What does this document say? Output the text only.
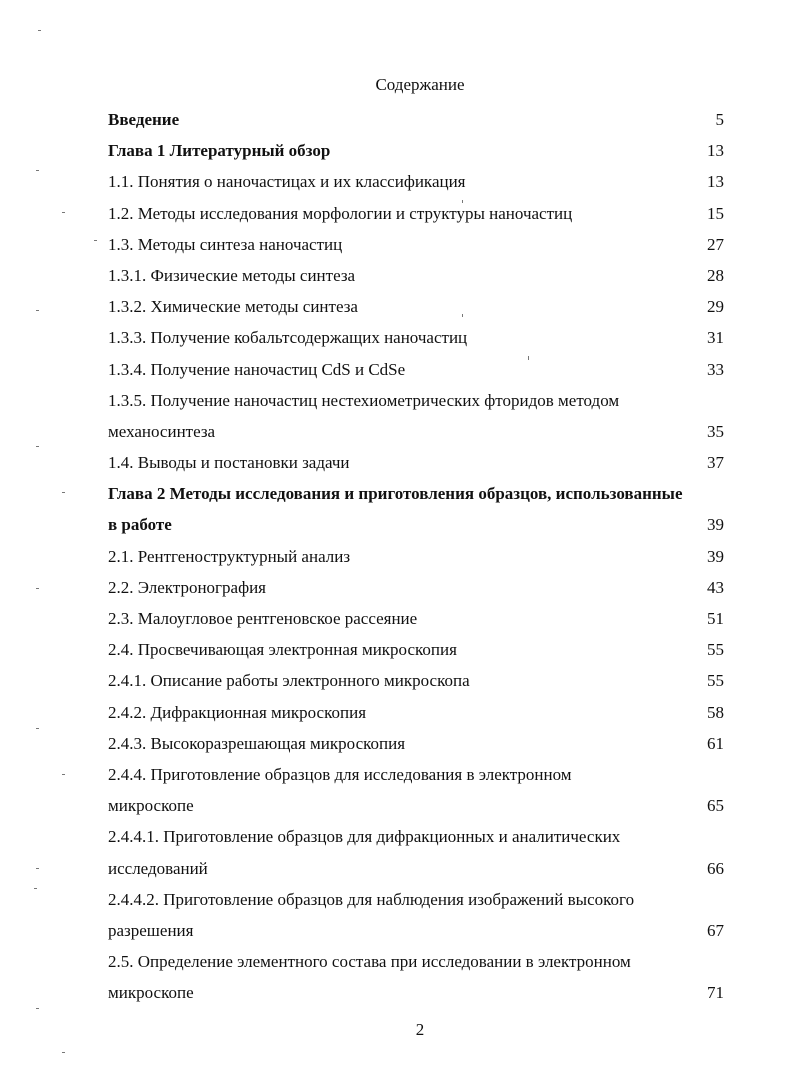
Содержание
Введение	5
Глава 1 Литературный обзор	13
1.1. Понятия о наночастицах и их классификация	13
1.2. Методы исследования морфологии и структуры наночастиц	15
1.3. Методы синтеза наночастиц	27
1.3.1. Физические методы синтеза	28
1.3.2. Химические методы синтеза	29
1.3.3. Получение кобальтсодержащих наночастиц	31
1.3.4. Получение наночастиц CdS и CdSe	33
1.3.5. Получение наночастиц нестехиометрических фторидов методом
механосинтеза	35
1.4. Выводы и постановки задачи	37
Глава 2 Методы исследования и приготовления образцов, использованные
в работе	39
2.1. Рентгеноструктурный анализ	39
2.2. Электронография	43
2.3. Малоугловое рентгеновское рассеяние	51
2.4. Просвечивающая электронная микроскопия	55
2.4.1. Описание работы электронного микроскопа	55
2.4.2. Дифракционная микроскопия	58
2.4.3. Высокоразрешающая микроскопия	61
2.4.4. Приготовление образцов для исследования в электронном
микроскопе	65
2.4.4.1. Приготовление образцов для дифракционных и аналитических
исследований	66
2.4.4.2. Приготовление образцов для наблюдения изображений высокого
разрешения	67
2.5. Определение элементного состава при исследовании в электронном
микроскопе	71
2
